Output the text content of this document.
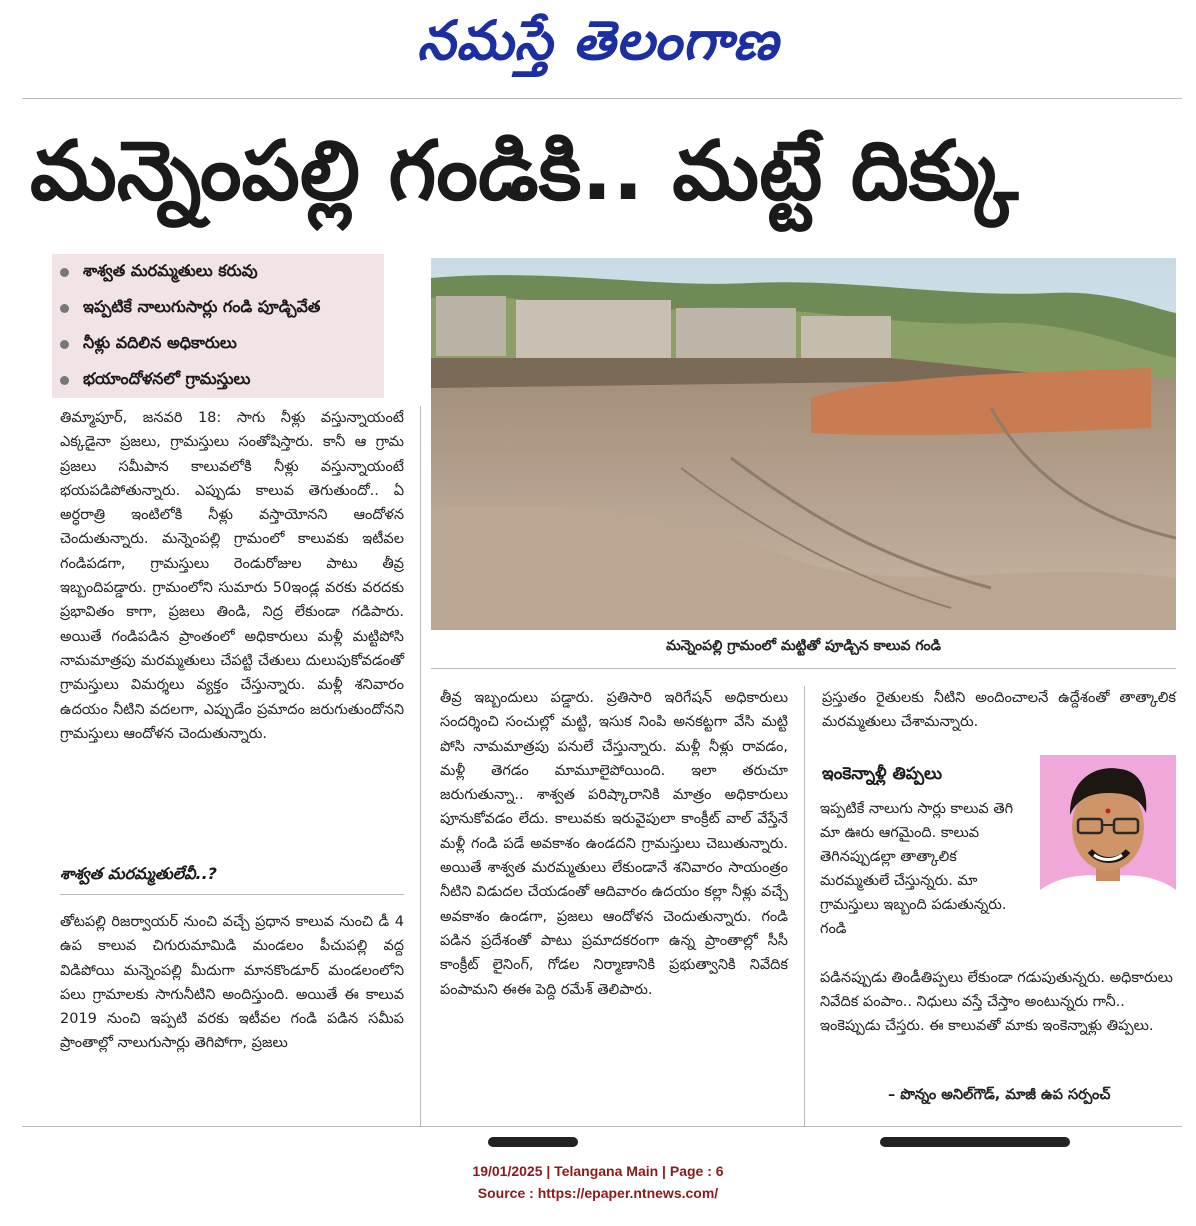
నమస్తే తెలంగాణ
మన్నెంపల్లి గండికి.. మట్టే దిక్కు
శాశ్వత మరమ్మతులు కరువు
ఇప్పటికే నాలుగుసార్లు గండి పూడ్చివేత
నీళ్లు వదిలిన అధికారులు
భయాందోళనలో గ్రామస్తులు
మన్నెంపల్లి గ్రామంలో మట్టితో పూడ్చిన కాలువ గండి

తిమ్మాపూర్, జనవరి 18: సాగు నీళ్లు వస్తున్నాయంటే ఎక్కడైనా ప్రజలు, గ్రామస్తులు సంతోషిస్తారు. కానీ ఆ గ్రామ ప్రజలు సమీపాన కాలువలోకి నీళ్లు వస్తున్నాయంటే భయపడిపోతున్నారు. ఎప్పుడు కాలువ తెగుతుందో.. ఏ అర్ధరాత్రి ఇంటిలోకి నీళ్లు వస్తాయోనని ఆందోళన చెందుతున్నారు. మన్నెంపల్లి గ్రామంలో కాలువకు ఇటీవల గండిపడగా, గ్రామస్తులు రెండురోజుల పాటు తీవ్ర ఇబ్బందిపడ్డారు. గ్రామంలోని సుమారు 50ఇండ్ల వరకు వరదకు ప్రభావితం కాగా, ప్రజలు తిండి, నిద్ర లేకుండా గడిపారు. అయితే గండిపడిన ప్రాంతంలో అధికారులు మళ్లీ మట్టిపోసి నామమాత్రపు మరమ్మతులు చేపట్టి చేతులు దులుపుకోవడంతో గ్రామస్తులు విమర్శలు వ్యక్తం చేస్తున్నారు. మళ్లీ శనివారం ఉదయం నీటిని వదలగా, ఎప్పుడేం ప్రమాదం జరుగుతుందోనని గ్రామస్తులు ఆందోళన చెందుతున్నారు.

శాశ్వత మరమ్మతులేవీ..?

తోటపల్లి రిజర్వాయర్ నుంచి వచ్చే ప్రధాన కాలువ నుంచి డీ 4 ఉప కాలువ చిగురుమామిడి మండలం పీచుపల్లి వద్ద విడిపోయి మన్నెంపల్లి మీదుగా మానకొండూర్ మండలంలోని పలు గ్రామాలకు సాగునీటిని అందిస్తుంది. అయితే ఈ కాలువ 2019 నుంచి ఇప్పటి వరకు ఇటీవల గండి పడిన సమీప ప్రాంతాల్లో నాలుగుసార్లు తెగిపోగా, ప్రజలు

తీవ్ర ఇబ్బందులు పడ్డారు. ప్రతిసారి ఇరిగేషన్ అధికారులు సందర్శించి సంచుల్లో మట్టి, ఇసుక నింపి అనకట్టగా వేసి మట్టి పోసి నామమాత్రపు పనులే చేస్తున్నారు. మళ్లీ నీళ్లు రావడం, మళ్లీ తెగడం మామూలైపోయింది. ఇలా తరుచూ జరుగుతున్నా.. శాశ్వత పరిష్కారానికి మాత్రం అధికారులు పూనుకోవడం లేదు. కాలువకు ఇరువైపులా కాంక్రీట్ వాల్ వేస్తేనే మళ్లీ గండి పడే అవకాశం ఉండదని గ్రామస్తులు చెబుతున్నారు. అయితే శాశ్వత మరమ్మతులు లేకుండానే శనివారం సాయంత్రం నీటిని విడుదల చేయడంతో ఆదివారం ఉదయం కల్లా నీళ్లు వచ్చే అవకాశం ఉండగా, ప్రజలు ఆందోళన చెందుతున్నారు. గండి పడిన ప్రదేశంతో పాటు ప్రమాదకరంగా ఉన్న ప్రాంతాల్లో సీసీ కాంక్రీట్ లైనింగ్, గోడల నిర్మాణానికి ప్రభుత్వానికి నివేదిక పంపామని ఈఈ పెద్ది రమేశ్ తెలిపారు.

ప్రస్తుతం రైతులకు నీటిని అందించాలనే ఉద్దేశంతో తాత్కాలిక మరమ్మతులు చేశామన్నారు.

ఇంకెన్నాళ్లీ తిప్పలు
ఇప్పటికే నాలుగు సార్లు కాలువ తెగి మా ఊరు ఆగమైంది. కాలువ తెగినప్పుడల్లా తాత్కాలిక మరమ్మతులే చేస్తున్నరు. మా గ్రామస్తులు ఇబ్బంది పడుతున్నరు. గండి
పడినప్పుడు తిండీతిప్పలు లేకుండా గడుపుతున్నరు. అధికారులు నివేదిక పంపాం.. నిధులు వస్తే చేస్తాం అంటున్నరు గానీ.. ఇంకెప్పుడు చేస్తరు. ఈ కాలువతో మాకు ఇంకెన్నాళ్లు తిప్పలు.
– పొన్నం అనిల్‌గౌడ్, మాజీ ఉప సర్పంచ్
19/01/2025 | Telangana Main | Page : 6
Source : https://epaper.ntnews.com/
